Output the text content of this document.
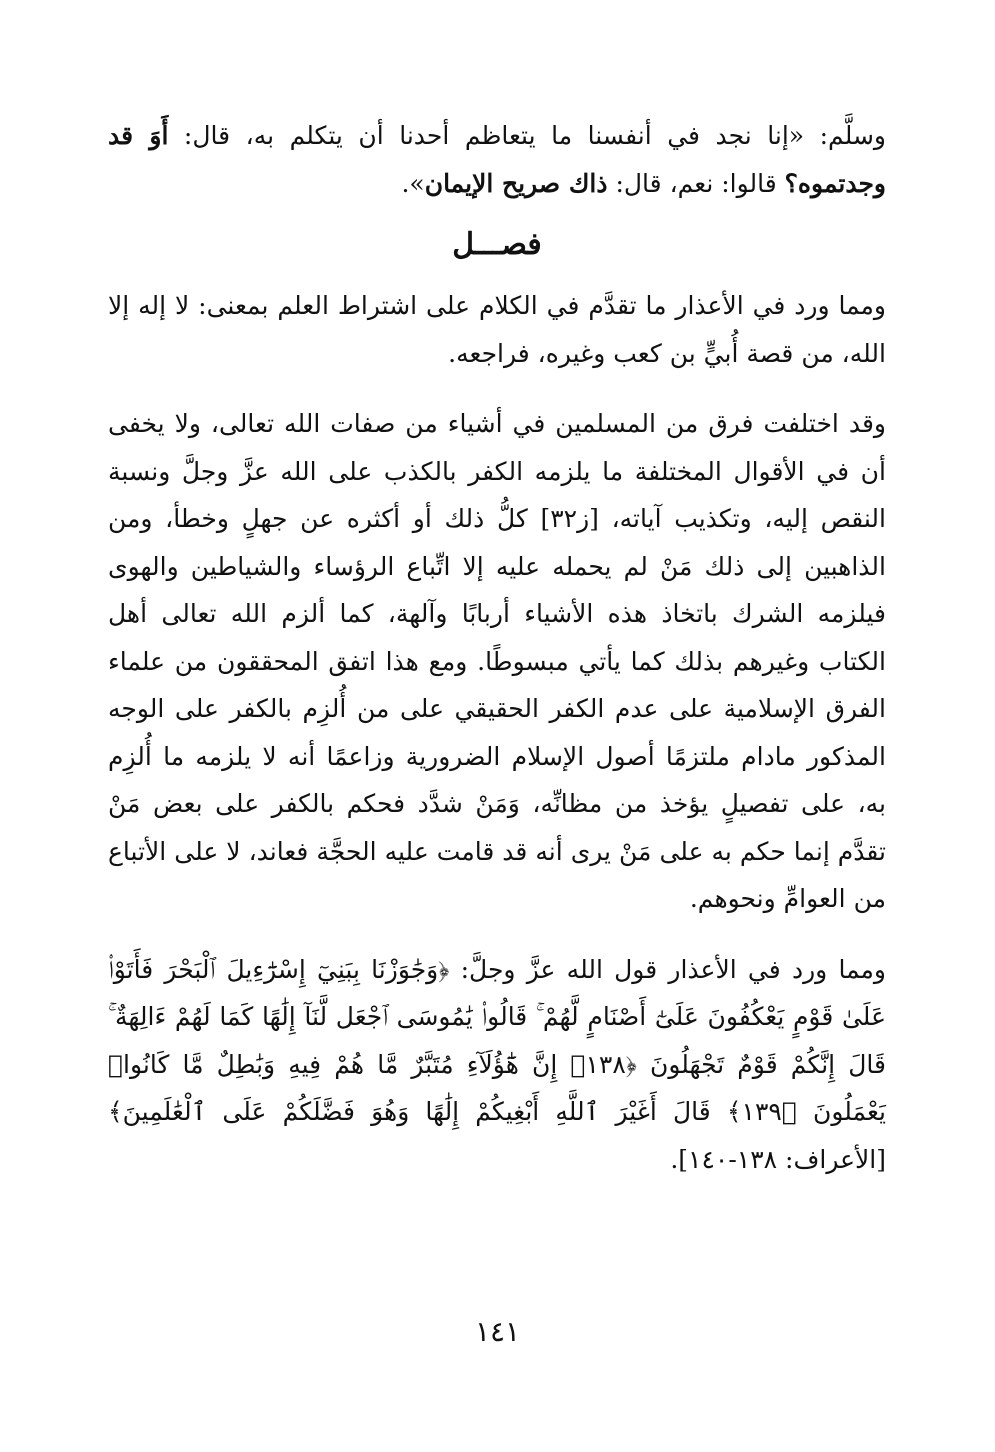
وسلَّم: «إنا نجد في أنفسنا ما يتعاظم أحدنا أن يتكلم به، قال: أَوَ قد وجدتموه؟ قالوا: نعم، قال: ذاك صريح الإيمان».

فصـــل

ومما ورد في الأعذار ما تقدَّم في الكلام على اشتراط العلم بمعنى: لا إله إلا الله، من قصة أُبيٍّ بن كعب وغيره، فراجعه.

وقد اختلفت فرق من المسلمين في أشياء من صفات الله تعالى، ولا يخفى أن في الأقوال المختلفة ما يلزمه الكفر بالكذب على الله عزَّ وجلَّ ونسبة النقص إليه، وتكذيب آياته، [ز٣٢] كلُّ ذلك أو أكثره عن جهلٍ وخطأ، ومن الذاهبين إلى ذلك مَنْ لم يحمله عليه إلا اتِّباع الرؤساء والشياطين والهوى فيلزمه الشرك باتخاذ هذه الأشياء أربابًا وآلهة، كما ألزم الله تعالى أهل الكتاب وغيرهم بذلك كما يأتي مبسوطًا. ومع هذا اتفق المحققون من علماء الفرق الإسلامية على عدم الكفر الحقيقي على من أُلزِم بالكفر على الوجه المذكور مادام ملتزمًا أصول الإسلام الضرورية وزاعمًا أنه لا يلزمه ما أُلزِم به، على تفصيلٍ يؤخذ من مظانِّه، وَمَنْ شدَّد فحكم بالكفر على بعض مَنْ تقدَّم إنما حكم به على مَنْ يرى أنه قد قامت عليه الحجَّة فعاند، لا على الأتباع من العوامِّ ونحوهم.

ومما ورد في الأعذار قول الله عزَّ وجلَّ: ﴿وَجَٰوَزْنَا بِبَنِيٓ إِسْرَٰٓءِيلَ ٱلْبَحْرَ فَأَتَوْا۟ عَلَىٰ قَوْمٍ يَعْكُفُونَ عَلَىٰٓ أَصْنَامٍ لَّهُمْ ۚ قَالُوا۟ يَٰمُوسَى ٱجْعَل لَّنَآ إِلَٰهًا كَمَا لَهُمْ ءَالِهَةٌ ۚ قَالَ إِنَّكُمْ قَوْمٌ تَجْهَلُونَ ﴿١٣٨﴾ إِنَّ هَٰٓؤُلَآءِ مُتَبَّرٌ مَّا هُمْ فِيهِ وَبَٰطِلٌ مَّا كَانُوا۟ يَعْمَلُونَ ﴿١٣٩﴾ قَالَ أَغَيْرَ ٱللَّهِ أَبْغِيكُمْ إِلَٰهًا وَهُوَ فَضَّلَكُمْ عَلَى ٱلْعَٰلَمِينَ﴾ [الأعراف: ١٣٨-١٤٠].

١٤١
